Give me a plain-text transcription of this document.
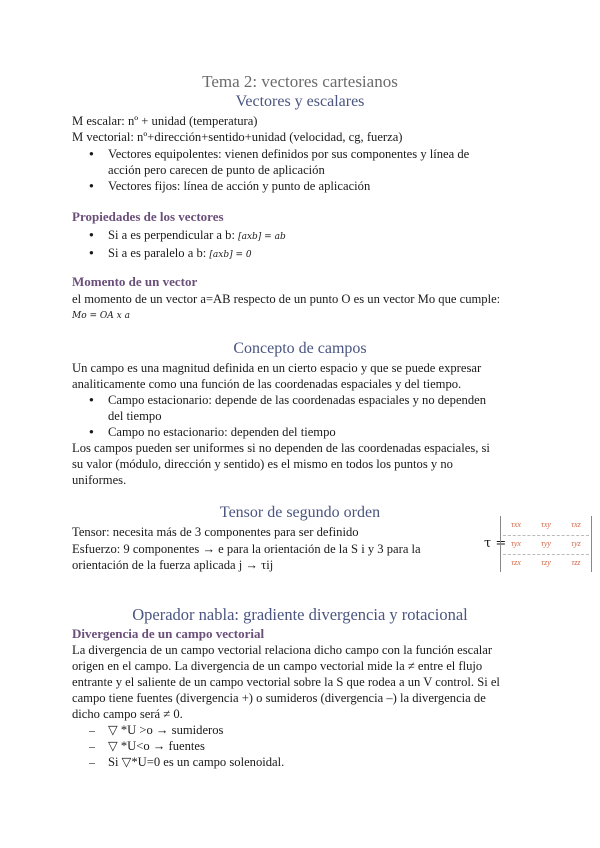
Tema 2: vectores cartesianos
Vectores y escalares
M escalar: nº + unidad (temperatura)
M vectorial: nº+dirección+sentido+unidad (velocidad, cg, fuerza)
● Vectores equipolentes: vienen definidos por sus componentes y línea de
acción pero carecen de punto de aplicación
● Vectores fijos: línea de acción y punto de aplicación
Propiedades de los vectores
● Si a es perpendicular a b: [axb] = ab
● Si a es paralelo a b: [axb] = 0
Momento de un vector
el momento de un vector a=AB respecto de un punto O es un vector Mo que cumple:
Mo = OA x a
Concepto de campos
Un campo es una magnitud definida en un cierto espacio y que se puede expresar
analiticamente como una función de las coordenadas espaciales y del tiempo.
● Campo estacionario: depende de las coordenadas espaciales y no dependen
del tiempo
● Campo no estacionario: dependen del tiempo
Los campos pueden ser uniformes si no dependen de las coordenadas espaciales, si
su valor (módulo, dirección y sentido) es el mismo en todos los puntos y no
uniformes.
Tensor de segundo orden
Tensor: necesita más de 3 componentes para ser definido
Esfuerzo: 9 componentes → e para la orientación de la S i y 3 para la
orientación de la fuerza aplicada j → τij
τ =
τxx	τxy	τxz
τyx	τyy	τyz
τzx	τzy	τzz
Operador nabla: gradiente divergencia y rotacional
Divergencia de un campo vectorial
La divergencia de un campo vectorial relaciona dicho campo con la función escalar
origen en el campo. La divergencia de un campo vectorial mide la ≠ entre el flujo
entrante y el saliente de un campo vectorial sobre la S que rodea a un V control. Si el
campo tiene fuentes (divergencia +) o sumideros (divergencia –) la divergencia de
dicho campo será ≠ 0.
– ▽ *U >o → sumideros
– ▽ *U<o → fuentes
– Si ▽*U=0 es un campo solenoidal.
